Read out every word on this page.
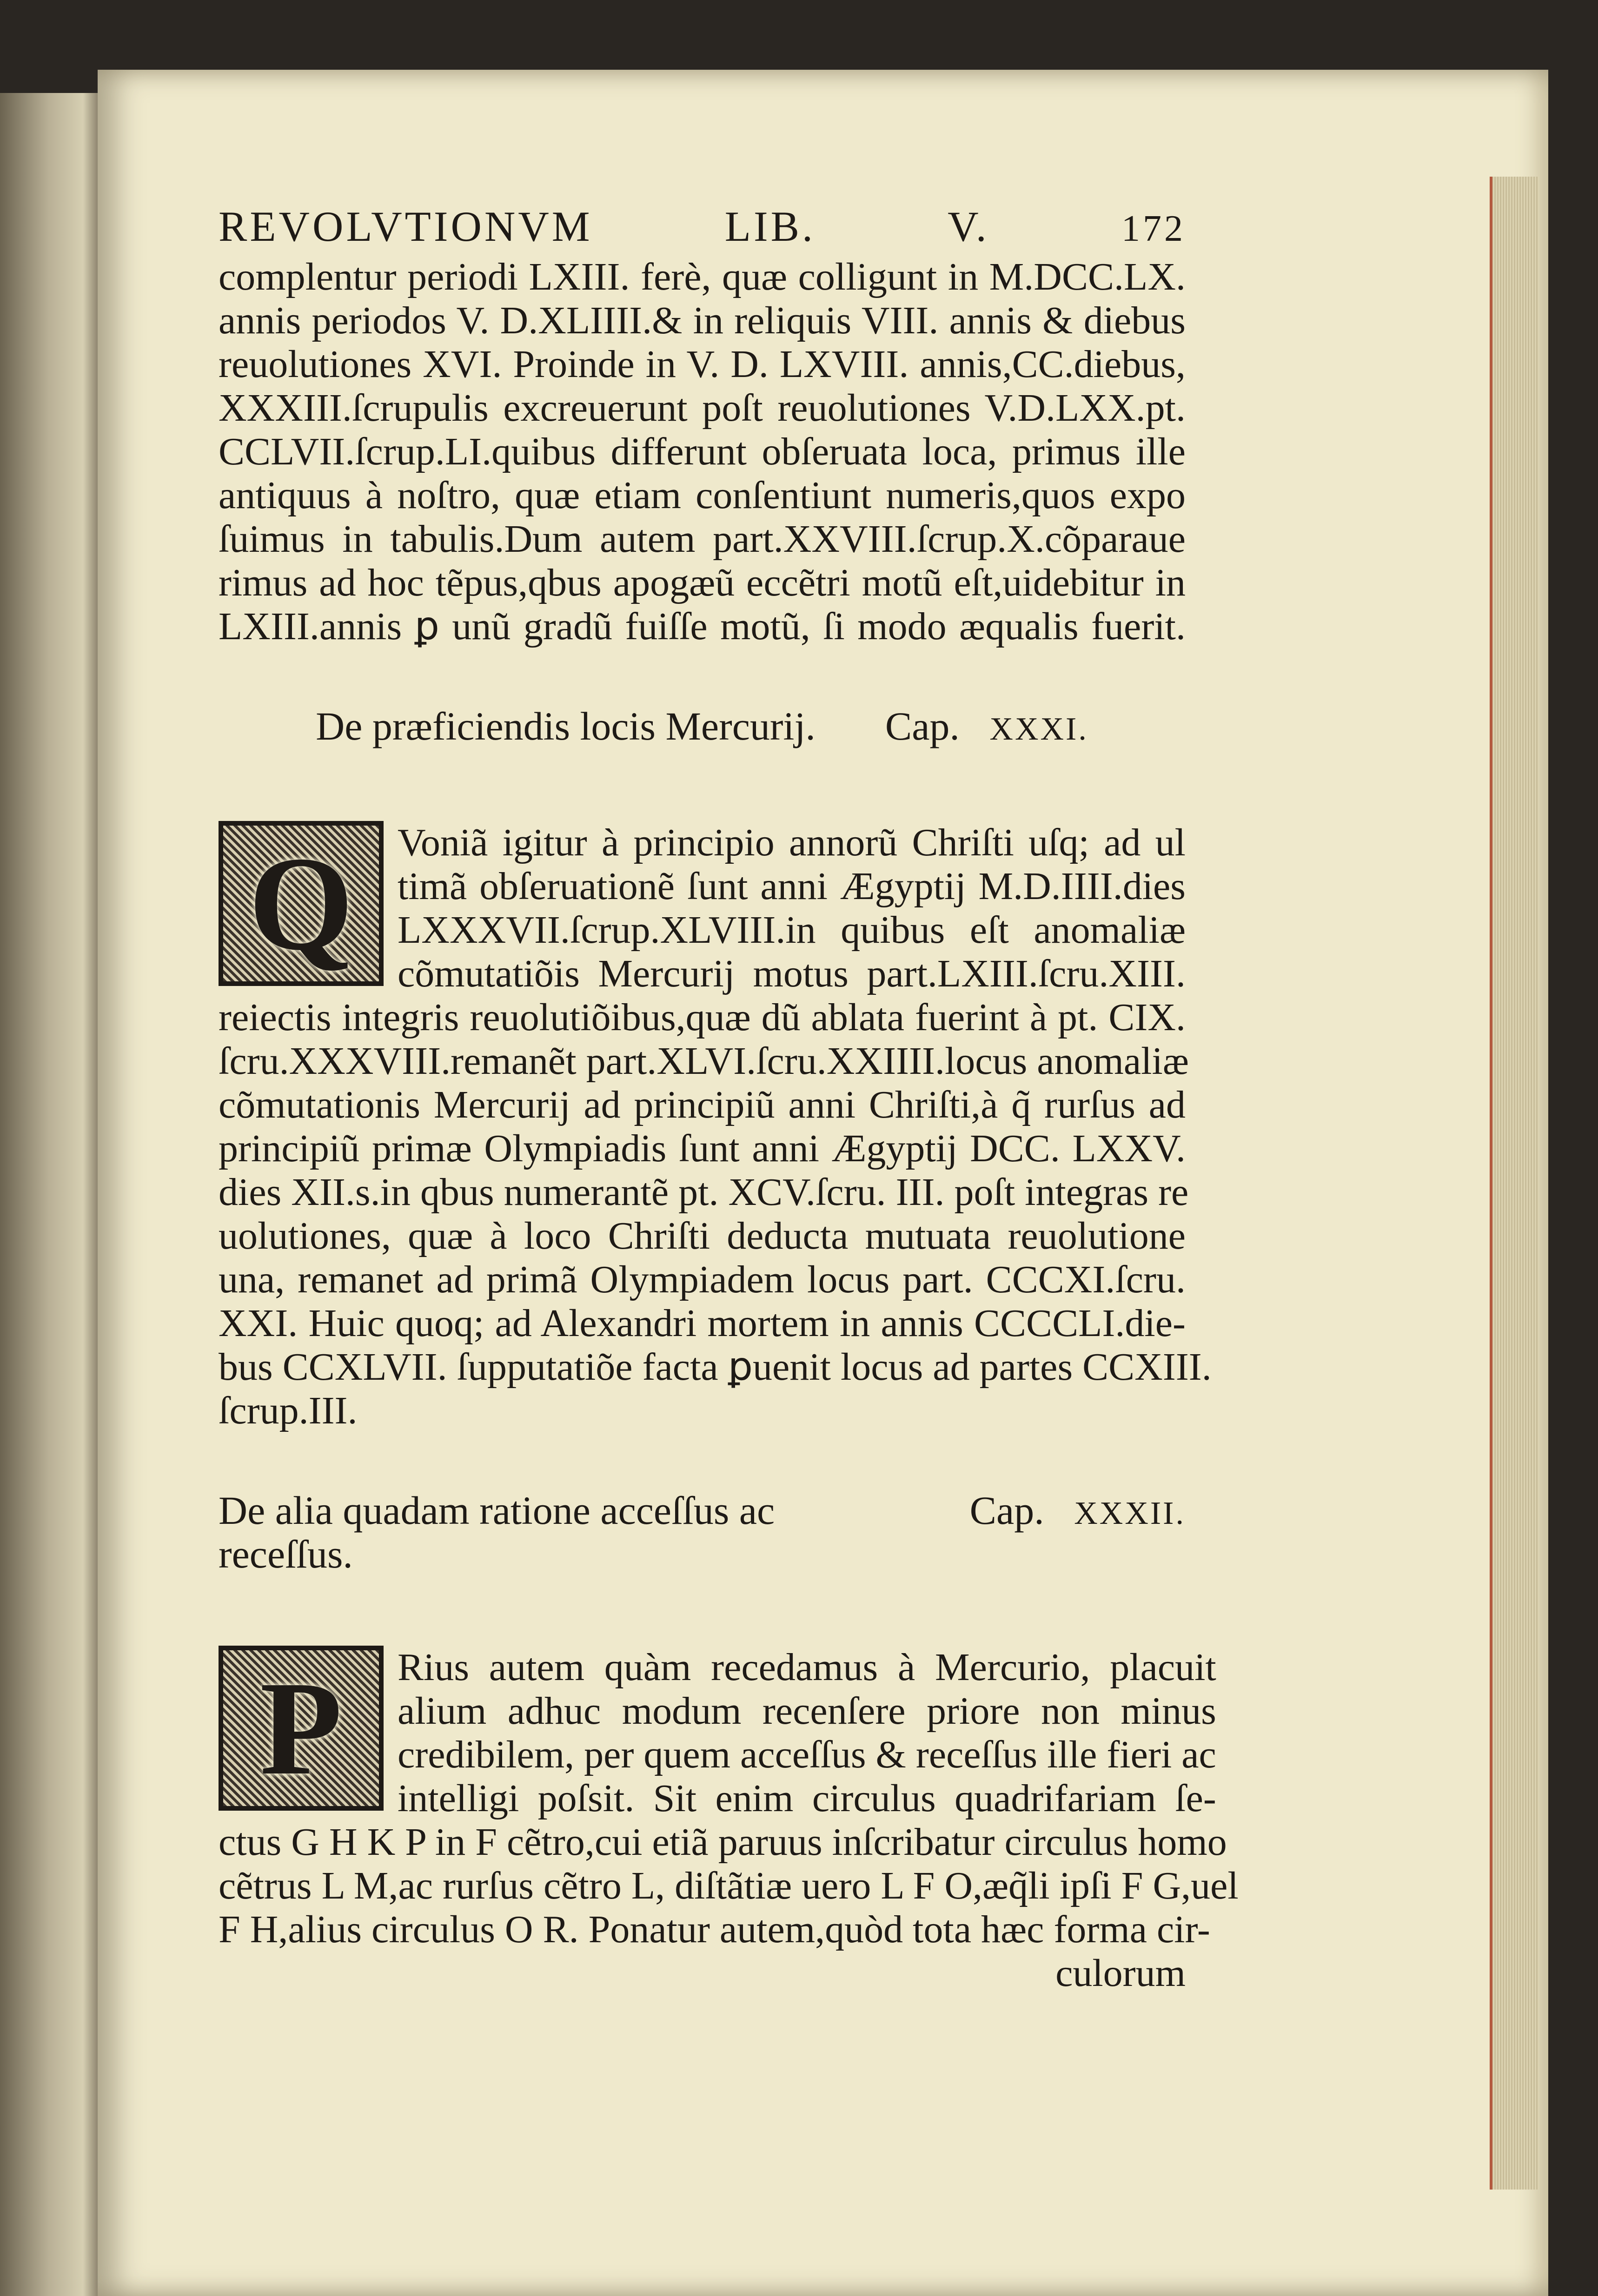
REVOLVTIONVM	LIB.	V.	172
complentur periodi LXIII. ferè, quæ colligunt in M.DCC.LX.
annis periodos V. D.XLIIII.& in reliquis VIII. annis & diebus
reuolutiones XVI. Proinde in V. D. LXVIII. annis,CC.diebus,
XXXIII.ſcrupulis excreuerunt poſt reuolutiones V.D.LXX.pt.
CCLVII.ſcrup.LI.quibus differunt obſeruata loca, primus ille
antiquus à noſtro, quæ etiam conſentiunt numeris,quos expo
ſuimus in tabulis.Dum autem part.XXVIII.ſcrup.X.cõparaue
rimus ad hoc tẽpus,qbus apogæũ eccẽtri motũ eſt,uidebitur in
LXIII.annis ꝑ unũ gradũ fuiſſe motũ, ſi modo æqualis fuerit.
De præficiendis locis Mercurij. Cap. XXXI.
Q	Voniã igitur à principio annorũ Chriſti uſq; ad ul
timã obſeruationẽ ſunt anni Ægyptij M.D.IIII.dies
LXXXVII.ſcrup.XLVIII.in quibus eſt anomaliæ
cõmutatiõis Mercurij motus part.LXIII.ſcru.XIII.
reiectis integris reuolutiõibus,quæ dũ ablata fuerint à pt. CIX.
ſcru.XXXVIII.remanẽt part.XLVI.ſcru.XXIIII.locus anomaliæ
cõmutationis Mercurij ad principiũ anni Chriſti,à q̃ rurſus ad
principiũ primæ Olympiadis ſunt anni Ægyptij DCC. LXXV.
dies XII.s.in qbus numerantẽ pt. XCV.ſcru. III. poſt integras re
uolutiones, quæ à loco Chriſti deducta mutuata reuolutione
una, remanet ad primã Olympiadem locus part. CCCXI.ſcru.
XXI. Huic quoq; ad Alexandri mortem in annis CCCCLI.die-
bus CCXLVII. ſupputatiõe facta ꝑuenit locus ad partes CCXIII.
ſcrup.III.
De alia quadam ratione acceſſus ac receſſus.
Cap. XXXII.
P	Rius autem quàm recedamus à Mercurio, placuit
alium adhuc modum recenſere priore non minus
credibilem, per quem acceſſus & receſſus ille fieri ac
intelligi poſsit. Sit enim circulus quadrifariam ſe-
ctus G H K P in F cẽtro,cui etiã paruus inſcribatur circulus homo
cẽtrus L M,ac rurſus cẽtro L, diſtãtiæ uero L F O,æq̃li ipſi F G,uel
F H,alius circulus O R. Ponatur autem,quòd tota hæc forma cir-
culorum
